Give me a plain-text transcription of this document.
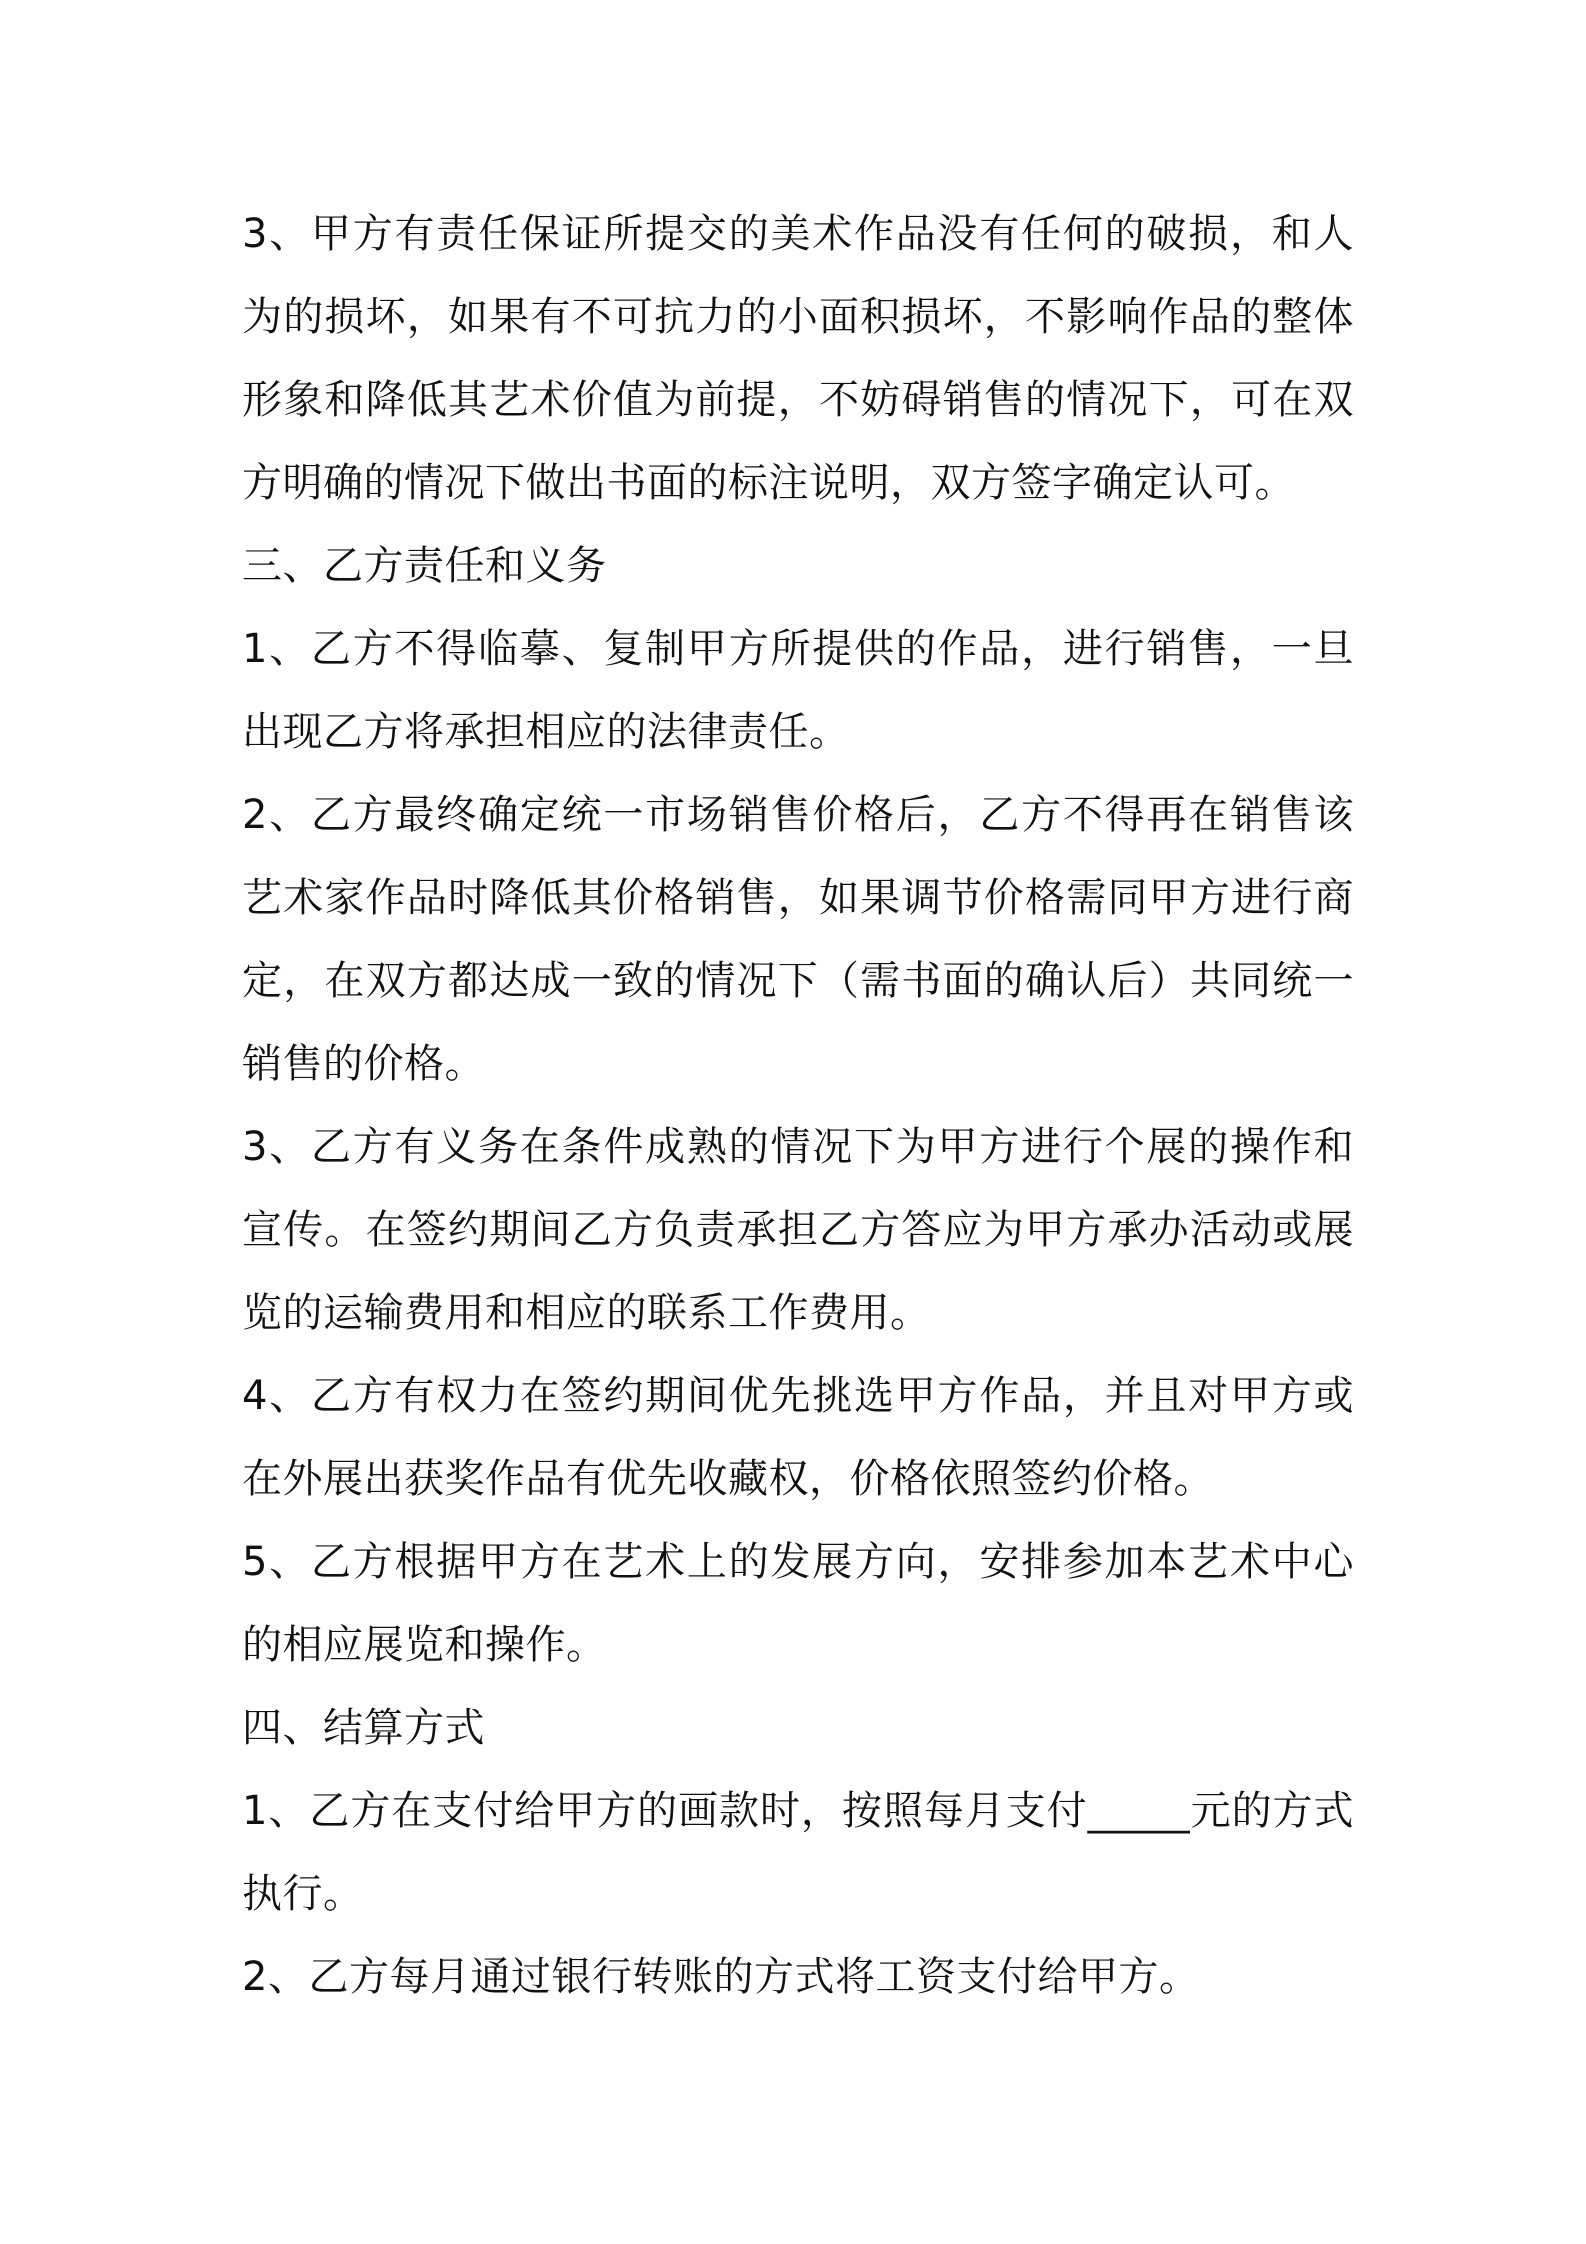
3、甲方有责任保证所提交的美术作品没有任何的破损，和人为的损坏，如果有不可抗力的小面积损坏，不影响作品的整体形象和降低其艺术价值为前提，不妨碍销售的情况下，可在双方明确的情况下做出书面的标注说明，双方签字确定认可。

三、乙方责任和义务

1、乙方不得临摹、复制甲方所提供的作品，进行销售，一旦出现乙方将承担相应的法律责任。

2、乙方最终确定统一市场销售价格后，乙方不得再在销售该艺术家作品时降低其价格销售，如果调节价格需同甲方进行商定，在双方都达成一致的情况下（需书面的确认后）共同统一销售的价格。

3、乙方有义务在条件成熟的情况下为甲方进行个展的操作和宣传。在签约期间乙方负责承担乙方答应为甲方承办活动或展览的运输费用和相应的联系工作费用。

4、乙方有权力在签约期间优先挑选甲方作品，并且对甲方或在外展出获奖作品有优先收藏权，价格依照签约价格。

5、乙方根据甲方在艺术上的发展方向，安排参加本艺术中心的相应展览和操作。

四、结算方式

1、乙方在支付给甲方的画款时，按照每月支付_____元的方式执行。

2、乙方每月通过银行转账的方式将工资支付给甲方。
